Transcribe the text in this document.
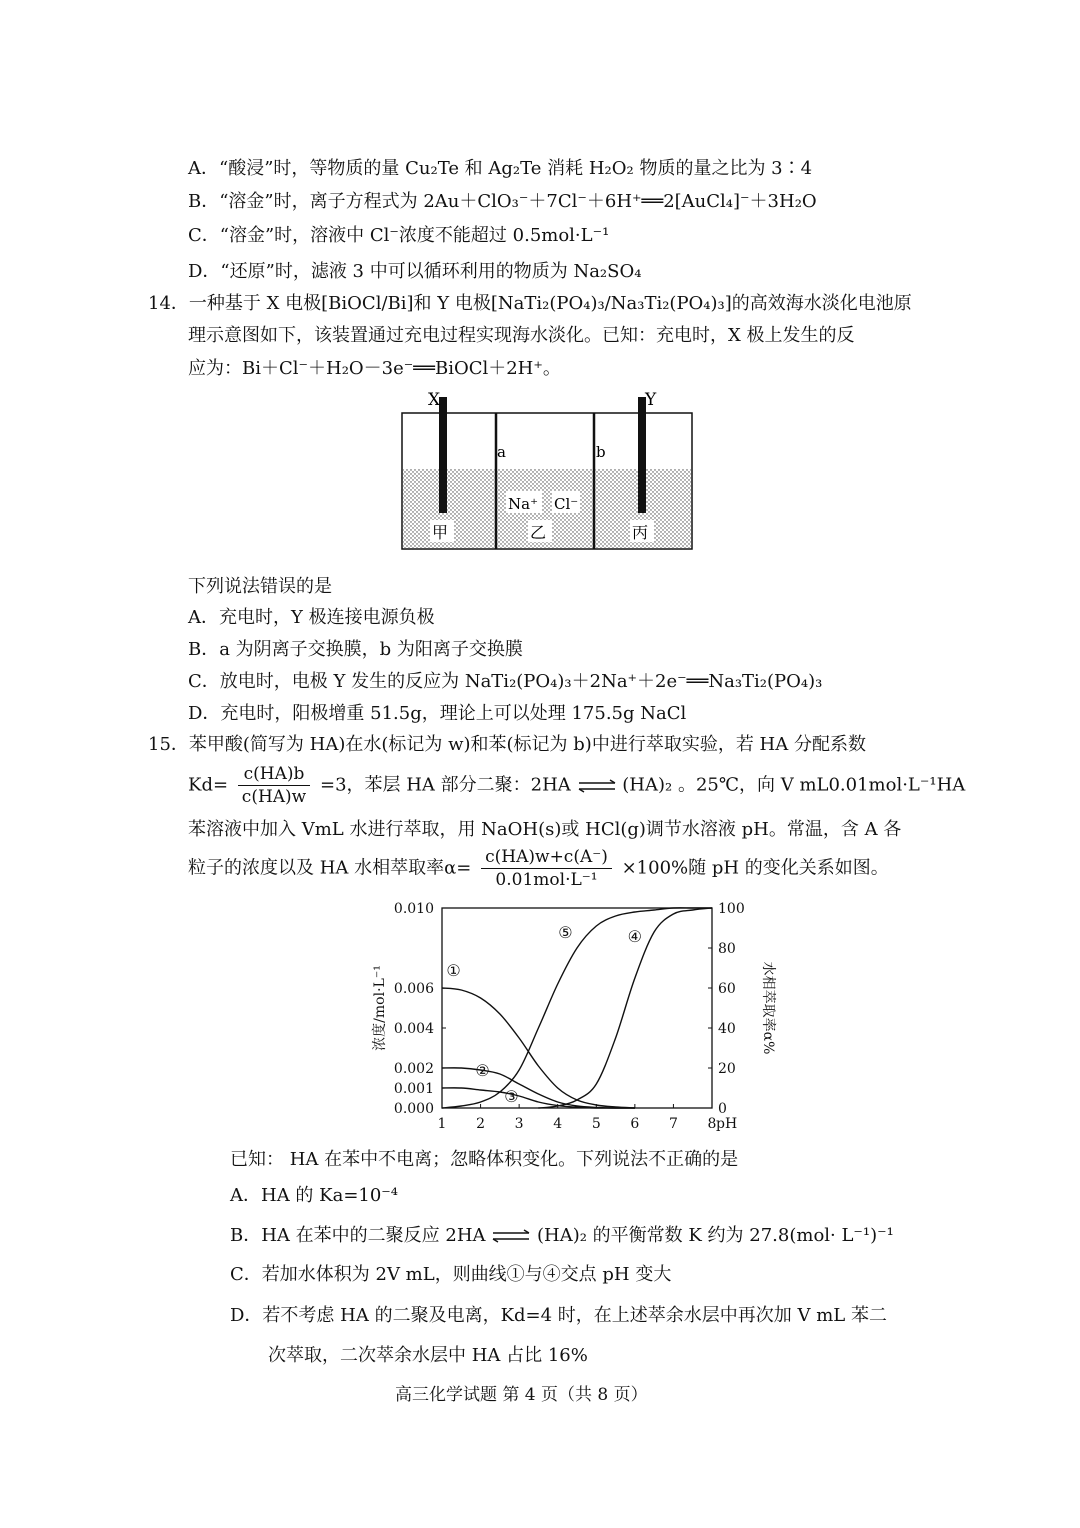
A．“酸浸”时，等物质的量 Cu₂Te 和 Ag₂Te 消耗 H₂O₂ 物质的量之比为 3∶4
B．“溶金”时，离子方程式为 2Au＋ClO₃⁻＋7Cl⁻＋6H⁺══2[AuCl₄]⁻＋3H₂O
C．“溶金”时，溶液中 Cl⁻浓度不能超过 0.5mol·L⁻¹
D．“还原”时，滤液 3 中可以循环利用的物质为 Na₂SO₄
14．一种基于 X 电极[BiOCl/Bi]和 Y 电极[NaTi₂(PO₄)₃/Na₃Ti₂(PO₄)₃]的高效海水淡化电池原
理示意图如下，该装置通过充电过程实现海水淡化。已知：充电时，X 极上发生的反
应为：Bi＋Cl⁻＋H₂O－3e⁻══BiOCl＋2H⁺。
X	Y
a	b
Na⁺ Cl⁻
甲	乙	丙
下列说法错误的是
A．充电时，Y 极连接电源负极
B．a 为阴离子交换膜，b 为阳离子交换膜
C．放电时，电极 Y 发生的反应为 NaTi₂(PO₄)₃＋2Na⁺＋2e⁻══Na₃Ti₂(PO₄)₃
D．充电时，阳极增重 51.5g，理论上可以处理 175.5g NaCl
15．苯甲酸(简写为 HA)在水(标记为 w)和苯(标记为 b)中进行萃取实验，若 HA 分配系数
$Kd= \frac{c(HA)b}{c(HA)w} =3$，苯层 HA 部分二聚：2HA ⇌ (HA)₂ 。25℃，向 V mL0.01mol·L⁻¹HA
苯溶液中加入 VmL 水进行萃取，用 NaOH(s)或 HCl(g)调节水溶液 pH。常温，含 A 各
粒子的浓度以及 HA 水相萃取率$\alpha= \frac{c(HA)w+c(A^-)}{\text{0.01mol·L⁻¹}} \times 100\%$随 pH 的变化关系如图。
1 2 3 4 5 6 7 8 pH
0.000
0.001
0.002
0.004
0.006
0.010
浓度/mol·L⁻¹
0
20
40
60
80
100
水相萃取率α%
①
②
③
④
⑤
已知： HA 在苯中不电离；忽略体积变化。下列说法不正确的是
A．HA 的 Ka=10⁻⁴
B．HA 在苯中的二聚反应 2HA ⇌ (HA)₂ 的平衡常数 K 约为 27.8(mol· L⁻¹)⁻¹
C．若加水体积为 2V mL，则曲线①与④交点 pH 变大
D．若不考虑 HA 的二聚及电离，Kd=4 时，在上述萃余水层中再次加 V mL 苯二
次萃取，二次萃余水层中 HA 占比 16%
高三化学试题 第 4 页（共 8 页）
